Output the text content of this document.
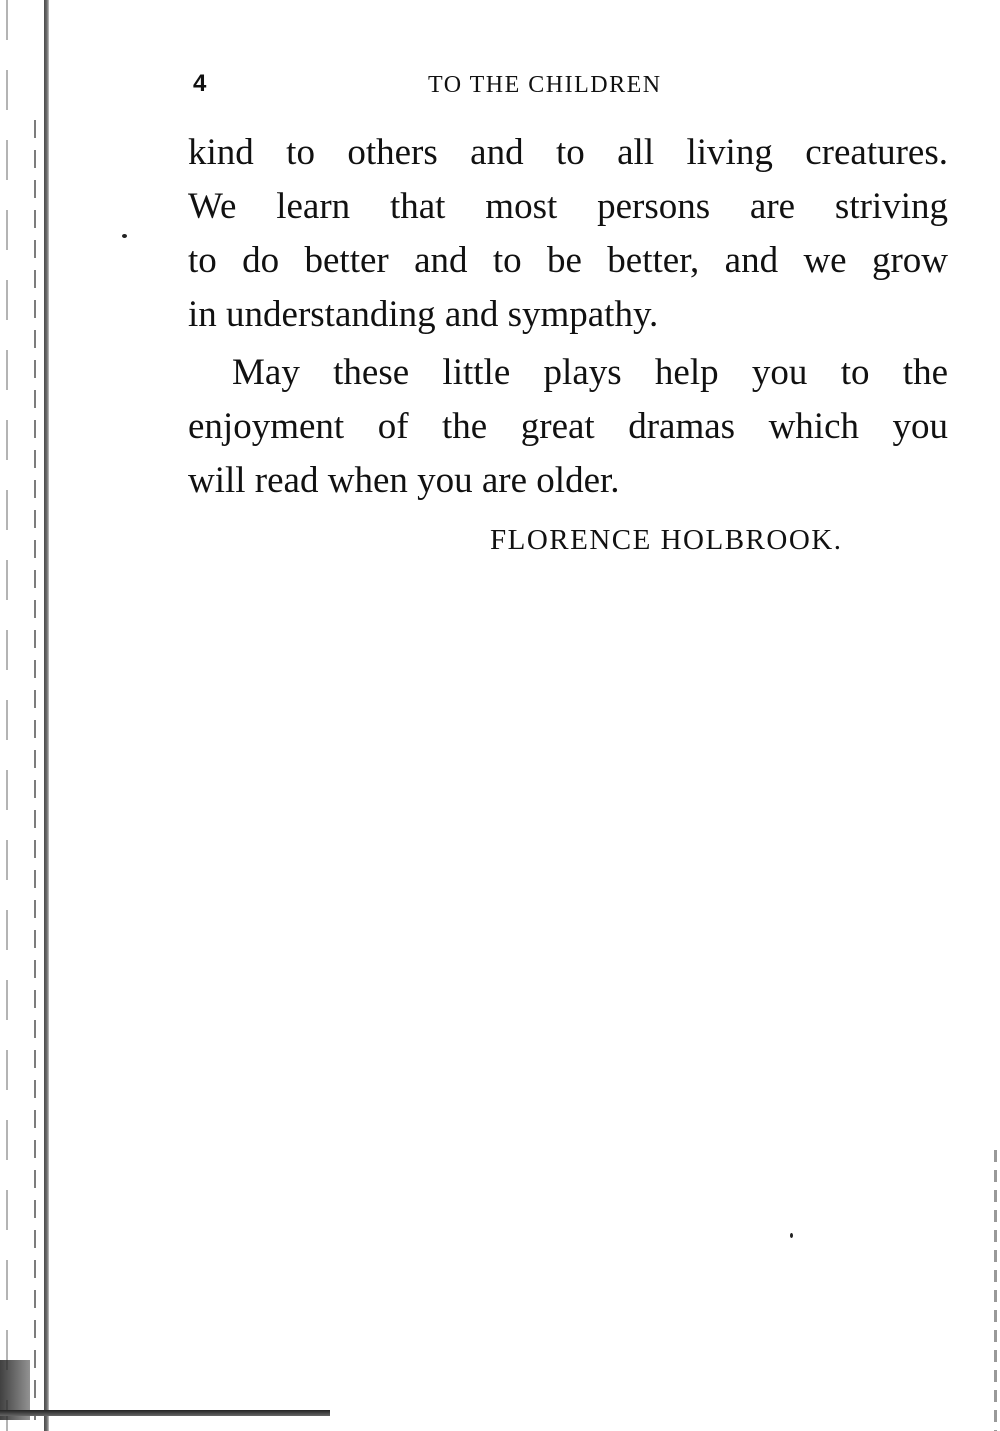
4	TO THE CHILDREN
kind to others and to all living creatures.
We learn that most persons are striving
to do better and to be better, and we grow
in understanding and sympathy.
May these little plays help you to the
enjoyment of the great dramas which you
will read when you are older.
FLORENCE HOLBROOK.
